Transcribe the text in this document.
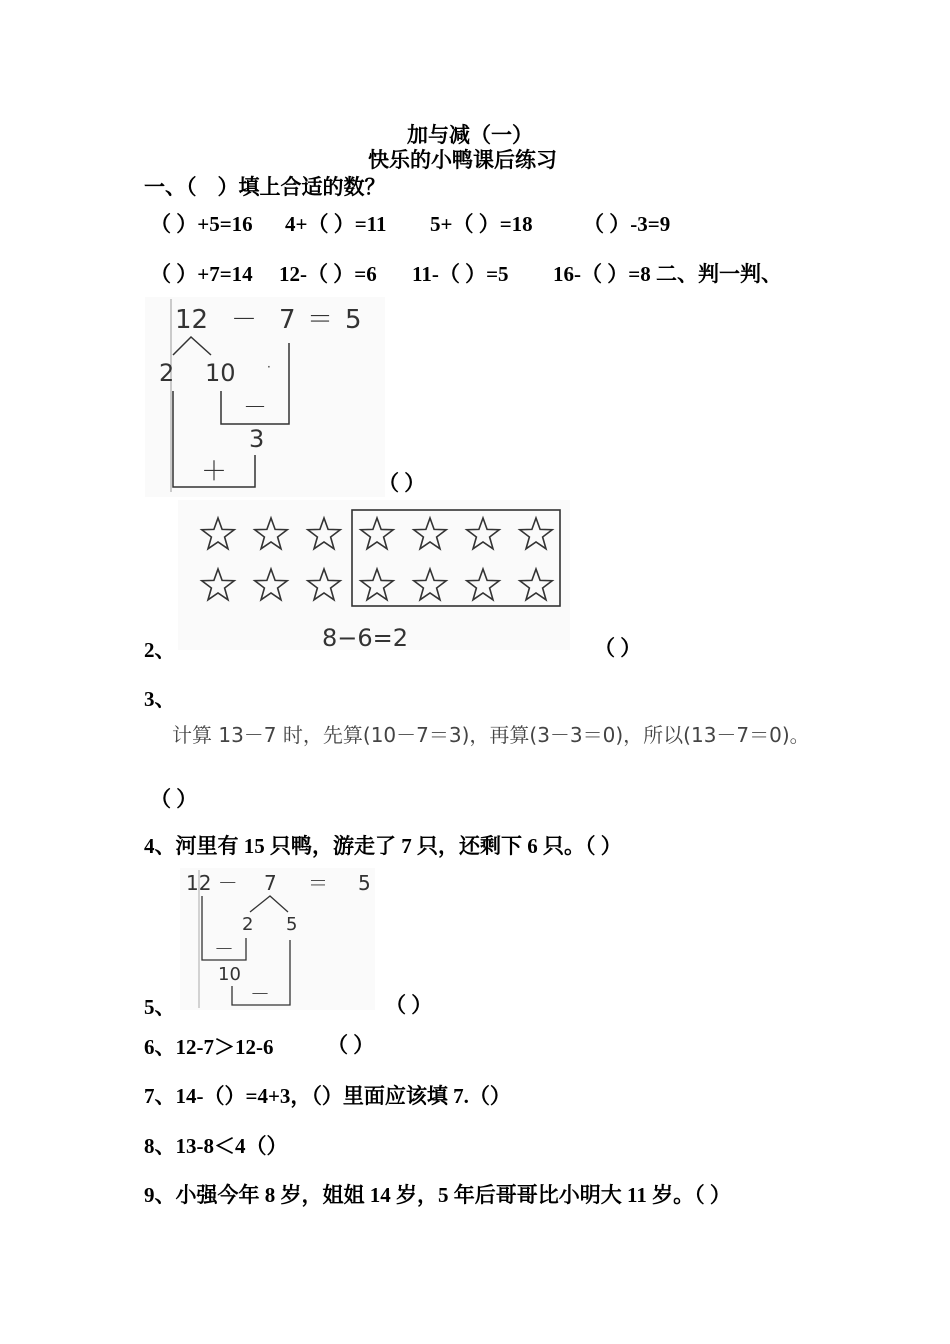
加与减（一）
快乐的小鸭课后练习
一、（　）填上合适的数？
（ ）+5=16 4+（ ）=11 5+（ ）=18 （ ）-3=9
（ ）+7=14 12-（ ）=6 11-（ ）=5 16-（ ）=8 二、判一判、
12 － 7 ＝ 5
2 10	·
－
3
＋	（ ）
8−6=2
2、	（ ）
3、
计算 13－7 时，先算(10－7＝3)，再算(3－3＝0)，所以(13－7＝0)。
（ ）
4、河里有 15 只鸭，游走了 7 只，还剩下 6 只。（ ）
12 － 7 ＝ 5
2 5
－
10
－
5、	（ ）
6、12-7＞12-6	（ ）
7、14-（）=4+3，（）里面应该填 7.（）
8、13-8＜4（）
9、小强今年 8 岁，姐姐 14 岁，5 年后哥哥比小明大 11 岁。（ ）
